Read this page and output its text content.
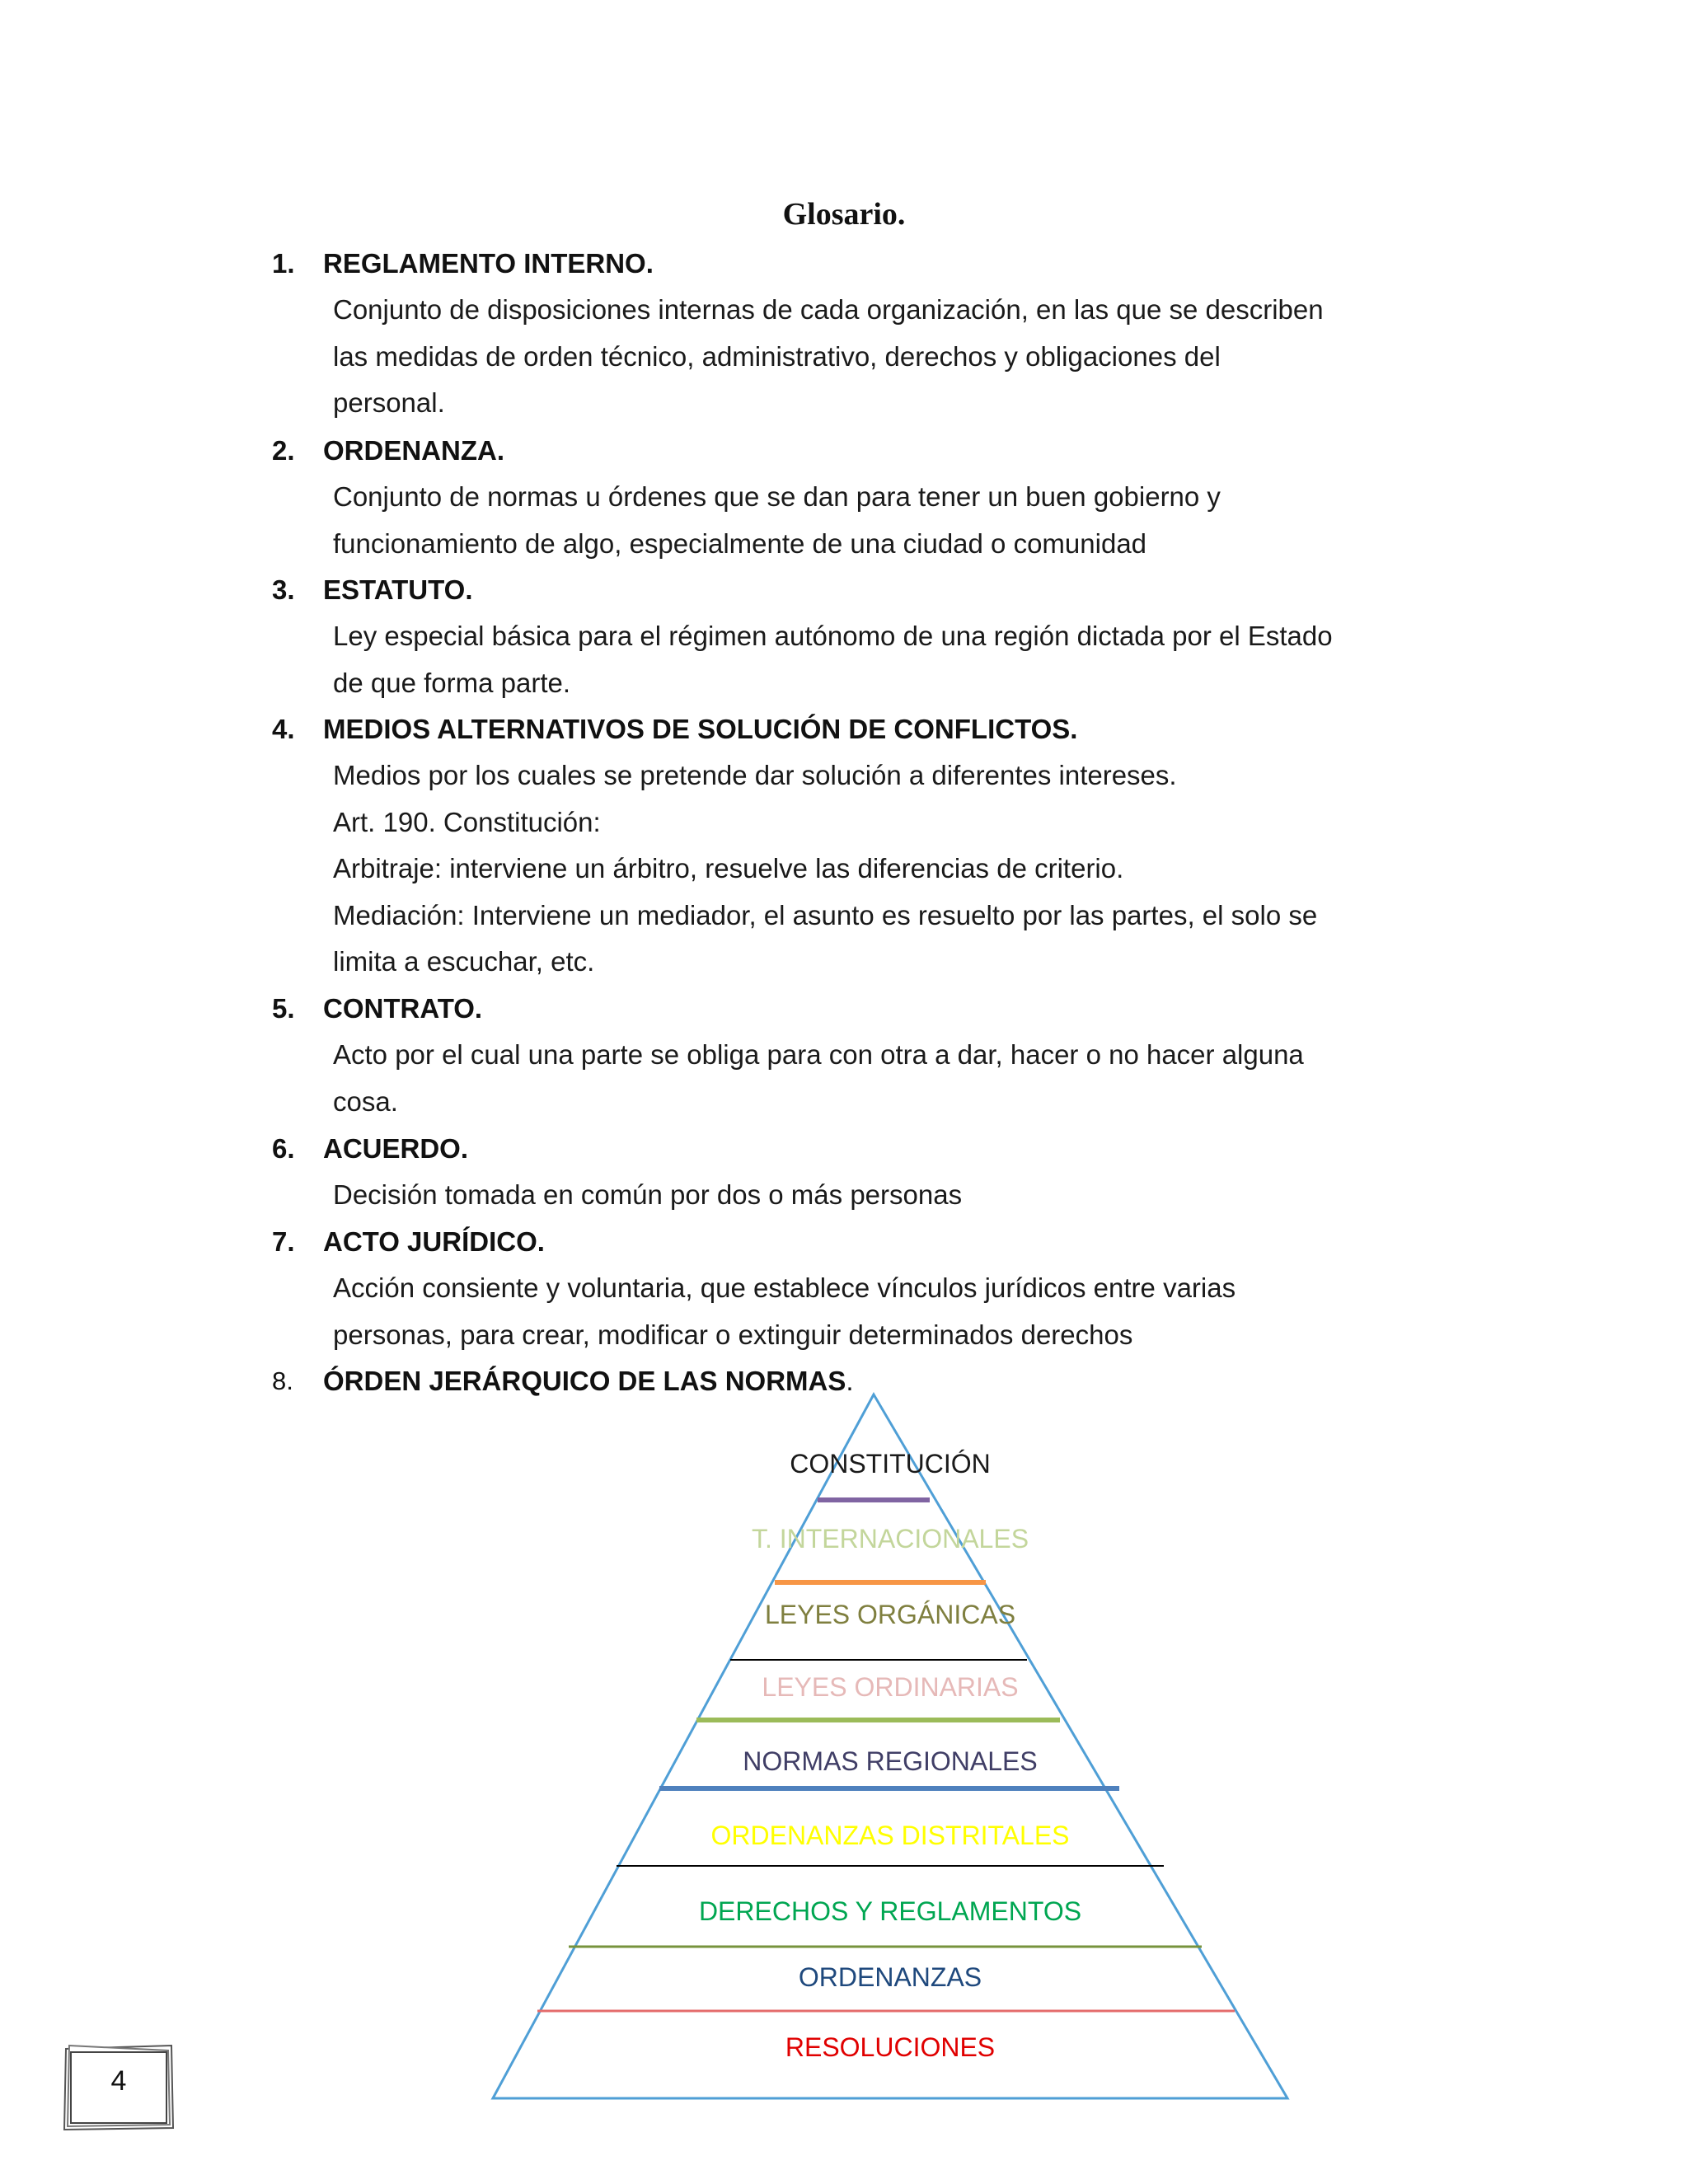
Glosario.
1. REGLAMENTO INTERNO.
Conjunto de disposiciones internas de cada organización, en las que se describen
las medidas de orden técnico, administrativo, derechos y obligaciones del
personal.
2. ORDENANZA.
Conjunto de normas u órdenes que se dan para tener un buen gobierno y
funcionamiento de algo, especialmente de una ciudad o comunidad
3. ESTATUTO.
Ley especial básica para el régimen autónomo de una región dictada por el Estado
de que forma parte.
4. MEDIOS ALTERNATIVOS DE SOLUCIÓN DE CONFLICTOS.
Medios por los cuales se pretende dar solución a diferentes intereses.
Art. 190. Constitución:
Arbitraje: interviene un árbitro, resuelve las diferencias de criterio.
Mediación: Interviene un mediador, el asunto es resuelto por las partes, el solo se
limita a escuchar, etc.
5. CONTRATO.
Acto por el cual una parte se obliga para con otra a dar, hacer o no hacer alguna
cosa.
6. ACUERDO.
Decisión tomada en común por dos o más personas
7. ACTO JURÍDICO.
Acción consiente y voluntaria, que establece vínculos jurídicos entre varias
personas, para crear, modificar o extinguir determinados derechos
8. ÓRDEN JERÁRQUICO DE LAS NORMAS.
CONSTITUCIÓN
T. INTERNACIONALES
LEYES ORGÁNICAS
LEYES ORDINARIAS
NORMAS REGIONALES
ORDENANZAS DISTRITALES
DERECHOS Y REGLAMENTOS
ORDENANZAS
RESOLUCIONES
4
